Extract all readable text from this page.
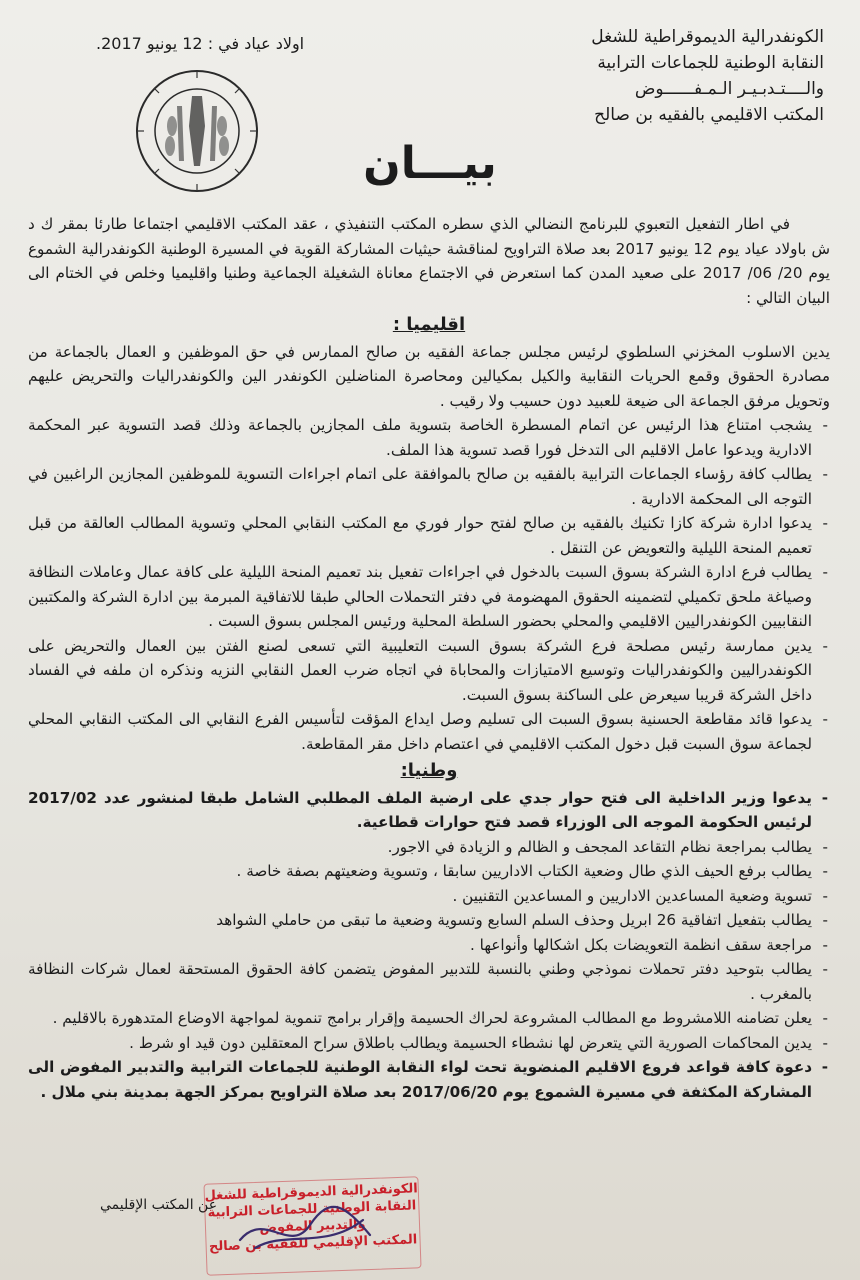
الكونفدرالية الديموقراطية للشغل
النقابة الوطنية للجماعات الترابية
والــــتـدبـيـر الـمـفــــــوض
المكتب الاقليمي بالفقيه بن صالح
اولاد عياد في : 12 يونيو 2017.
بيـــان

في اطار التفعيل التعبوي للبرنامج النضالي الذي سطره المكتب التنفيذي ، عقد المكتب الاقليمي اجتماعا طارئا بمقر ك د ش باولاد عياد يوم 12 يونيو 2017 بعد صلاة التراويح لمناقشة حيثيات المشاركة القوية في المسيرة الوطنية الكونفدرالية الشموع يوم 20/ 06/ 2017 على صعيد المدن كما استعرض في الاجتماع معاناة الشغيلة الجماعية وطنيا واقليميا وخلص في الختام الى البيان التالي :

اقليميا :

يدين الاسلوب المخزني السلطوي لرئيس مجلس جماعة الفقيه بن صالح الممارس في حق الموظفين و العمال بالجماعة من مصادرة الحقوق وقمع الحريات النقابية والكيل بمكيالين ومحاصرة المناضلين الكونفدر الين والكونفدراليات والتحريض عليهم وتحويل مرفق الجماعة الى ضيعة للعبيد دون حسيب ولا رقيب .

- يشجب امتناع هذا الرئيس عن اتمام المسطرة الخاصة بتسوية ملف المجازين بالجماعة وذلك قصد التسوية عبر المحكمة الادارية ويدعوا عامل الاقليم الى التدخل فورا قصد تسوية هذا الملف.
- يطالب كافة رؤساء الجماعات الترابية بالفقيه بن صالح بالموافقة على اتمام اجراءات التسوية للموظفين المجازين الراغبين في التوجه الى المحكمة الادارية .
- يدعوا ادارة شركة كازا تكنيك بالفقيه بن صالح لفتح حوار فوري مع المكتب النقابي المحلي وتسوية المطالب العالقة من قبل تعميم المنحة الليلية والتعويض عن التنقل .
- يطالب فرع ادارة الشركة بسوق السبت بالدخول في اجراءات تفعيل بند تعميم المنحة الليلية على كافة عمال وعاملات النظافة وصياغة ملحق تكميلي لتضمينه الحقوق المهضومة في دفتر التحملات الحالي طبقا للاتفاقية المبرمة بين ادارة الشركة والمكتبين النقابيين الكونفدراليين الاقليمي والمحلي بحضور السلطة المحلية ورئيس المجلس بسوق السبت .
- يدين ممارسة رئيس مصلحة فرع الشركة بسوق السبت التعليبية التي تسعى لصنع الفتن بين العمال والتحريض على الكونفدراليين والكونفدراليات وتوسيع الامتيازات والمحاباة في اتجاه ضرب العمل النقابي النزيه ونذكره ان ملفه في الفساد داخل الشركة قريبا سيعرض على الساكنة بسوق السبت.
- يدعوا قائد مقاطعة الحسنية بسوق السبت الى تسليم وصل ايداع المؤقت لتأسيس الفرع النقابي الى المكتب النقابي المحلي لجماعة سوق السبت قبل دخول المكتب الاقليمي في اعتصام داخل مقر المقاطعة.
وطنيا:
- يدعوا وزير الداخلية الى فتح حوار جدي على ارضية الملف المطلبي الشامل طبقا لمنشور عدد 2017/02 لرئيس الحكومة الموجه الى الوزراء قصد فتح حوارات قطاعية.
- يطالب بمراجعة نظام التقاعد المجحف و الظالم و الزيادة في الاجور.
- يطالب برفع الحيف الذي طال وضعية الكتاب الاداريين سابقا ، وتسوية وضعيتهم بصفة خاصة .
- تسوية وضعية المساعدين الاداريين و المساعدين التقنيين .
- يطالب بتفعيل اتفاقية 26 ابريل وحذف السلم السابع وتسوية وضعية ما تبقى من حاملي الشواهد
- مراجعة سقف انظمة التعويضات بكل اشكالها وأنواعها .
- يطالب بتوحيد دفتر تحملات نموذجي وطني بالنسبة للتدبير المفوض يتضمن كافة الحقوق المستحقة لعمال شركات النظافة بالمغرب .
- يعلن تضامنه اللامشروط مع المطالب المشروعة لحراك الحسيمة وإقرار برامج تنموية لمواجهة الاوضاع المتدهورة بالاقليم .
- يدين المحاكمات الصورية التي يتعرض لها نشطاء الحسيمة ويطالب باطلاق سراح المعتقلين دون قيد او شرط .
- دعوة كافة قواعد فروع الاقليم المنضوية تحت لواء النقابة الوطنية للجماعات الترابية والتدبير المفوض الى المشاركة المكثفة في مسيرة الشموع يوم 2017/06/20 بعد صلاة التراويح بمركز الجهة بمدينة بني ملال .
عن المكتب الإقليمي
الكونفدرالية الديموقراطية للشغل
النقابة الوطنية للجماعات الترابية
والتدبير المفوض
المكتب الإقليمي للفقيه بن صالح
